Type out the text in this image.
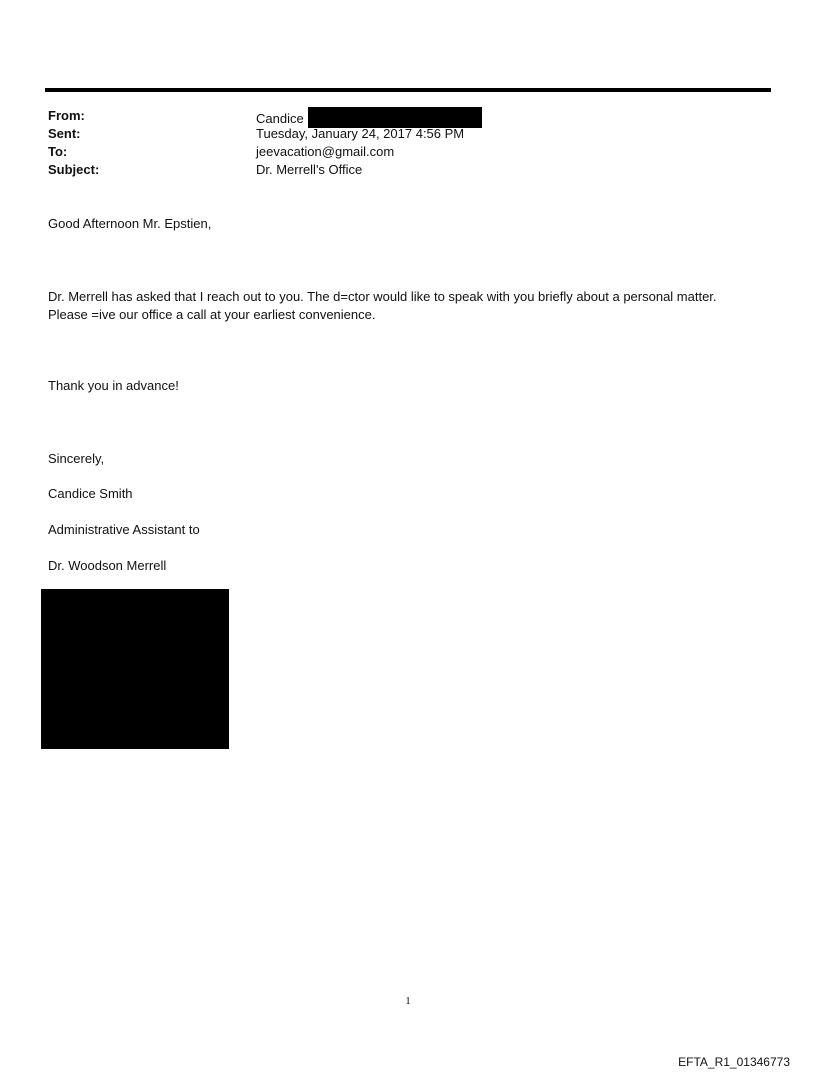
From:	Candice
Sent:	Tuesday, January 24, 2017 4:56 PM
To:	jeevacation@gmail.com
Subject:	Dr. Merrell's Office
Good Afternoon Mr. Epstien,
Dr. Merrell has asked that I reach out to you. The d=ctor would like to speak with you briefly about a personal matter.
Please =ive our office a call at your earliest convenience.
Thank you in advance!
Sincerely,
Candice Smith
Administrative Assistant to
Dr. Woodson Merrell
1
EFTA_R1_01346773
